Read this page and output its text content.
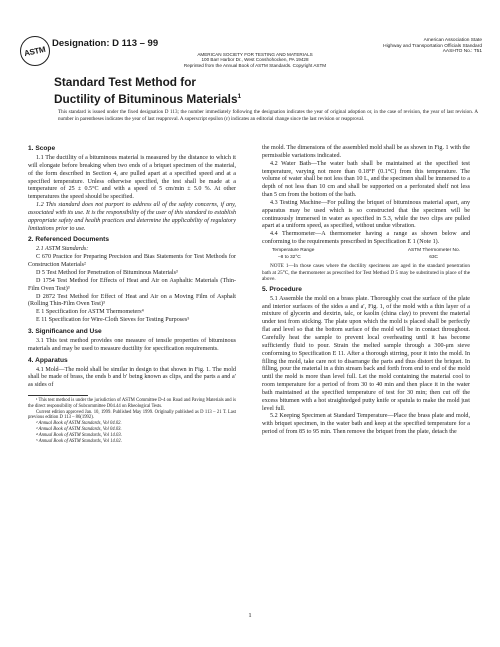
ASTM
Designation: D 113 – 99
AMERICAN SOCIETY FOR TESTING AND MATERIALS
100 Barr Harbor Dr., West Conshohocken, PA 19428
Reprinted from the Annual Book of ASTM Standards. Copyright ASTM
American Association State
Highway and Transportation Officials Standard
AASHTO No.: T51
Standard Test Method for
Ductility of Bituminous Materials$^1$
This standard is issued under the fixed designation D 113; the number immediately following the designation indicates the year of original adoption or, in the case of revision, the year of last revision. A number in parentheses indicates the year of last reapproval. A superscript epsilon (ε) indicates an editorial change since the last revision or reapproval.
1. Scope

1.1 The ductility of a bituminous material is measured by the distance to which it will elongate before breaking when two ends of a briquet specimen of the material, of the form described in Section 4, are pulled apart at a specified speed and at a specified temperature. Unless otherwise specified, the test shall be made at a temperature of 25 ± 0.5°C and with a speed of 5 cm/min ± 5.0 %. At other temperatures the speed should be specified.

1.2 This standard does not purport to address all of the safety concerns, if any, associated with its use. It is the responsibility of the user of this standard to establish appropriate safety and health practices and determine the applicability of regulatory limitations prior to use.

2. Referenced Documents

2.1 ASTM Standards:

C 670 Practice for Preparing Precision and Bias Statements for Test Methods for Construction Materials²

D 5 Test Method for Penetration of Bituminous Materials³

D 1754 Test Method for Effects of Heat and Air on Asphaltic Materials (Thin-Film Oven Test)³

D 2872 Test Method for Effect of Heat and Air on a Moving Film of Asphalt (Rolling Thin-Film Oven Test)³

E 1 Specification for ASTM Thermometers⁴

E 11 Specification for Wire-Cloth Sieves for Testing Purposes⁵

3. Significance and Use

3.1 This test method provides one measure of tensile properties of bituminous materials and may be used to measure ductility for specification requirements.

4. Apparatus

4.1 Mold—The mold shall be similar in design to that shown in Fig. 1. The mold shall be made of brass, the ends b and b′ being known as clips, and the parts a and a′ as sides of

¹ This test method is under the jurisdiction of ASTM Committee D-4 on Road and Paving Materials and is the direct responsibility of Subcommittee D04.44 on Rheological Tests.

Current edition approved Jan. 10, 1999. Published May 1999. Originally published as D 113 – 21 T. Last previous edition D 113 – 86(1992).

² Annual Book of ASTM Standards, Vol 04.02.

³ Annual Book of ASTM Standards, Vol 04.03.

⁴ Annual Book of ASTM Standards, Vol 14.03.

⁵ Annual Book of ASTM Standards, Vol 14.02.

the mold. The dimensions of the assembled mold shall be as shown in Fig. 1 with the permissible variations indicated.

4.2 Water Bath—The water bath shall be maintained at the specified test temperature, varying not more than 0.18°F (0.1°C) from this temperature. The volume of water shall be not less than 10 L, and the specimen shall be immersed to a depth of not less than 10 cm and shall be supported on a perforated shelf not less than 5 cm from the bottom of the bath.

4.3 Testing Machine—For pulling the briquet of bituminous material apart, any apparatus may be used which is so constructed that the specimen will be continuously immersed in water as specified in 5.3, while the two clips are pulled apart at a uniform speed, as specified, without undue vibration.

4.4 Thermometer—A thermometer having a range as shown below and conforming to the requirements prescribed in Specification E 1 (Note 1).

Temperature Range	ASTM Thermometer No.
–8 to 32°C	63C

NOTE 1—In those cases where the ductility specimens are aged in the standard penetration bath at 25°C, the thermometer as prescribed for Test Method D 5 may be substituted in place of the above.

5. Procedure

5.1 Assemble the mold on a brass plate. Thoroughly coat the surface of the plate and interior surfaces of the sides a and a′, Fig. 1, of the mold with a thin layer of a mixture of glycerin and dextrin, talc, or kaolin (china clay) to prevent the material under test from sticking. The plate upon which the mold is placed shall be perfectly flat and level so that the bottom surface of the mold will be in contact throughout. Carefully heat the sample to prevent local overheating until it has become sufficiently fluid to pour. Strain the melted sample through a 300-μm sieve conforming to Specification E 11. After a thorough stirring, pour it into the mold. In filling the mold, take care not to disarrange the parts and thus distort the briquet. In filling, pour the material in a thin stream back and forth from end to end of the mold until the mold is more than level full. Let the mold containing the material cool to room temperature for a period of from 30 to 40 min and then place it in the water bath maintained at the specified temperature of test for 30 min; then cut off the excess bitumen with a hot straightedged putty knife or spatula to make the mold just level full.

5.2 Keeping Specimen at Standard Temperature—Place the brass plate and mold, with briquet specimen, in the water bath and keep at the specified temperature for a period of from 85 to 95 min. Then remove the briquet from the plate, detach the

1
